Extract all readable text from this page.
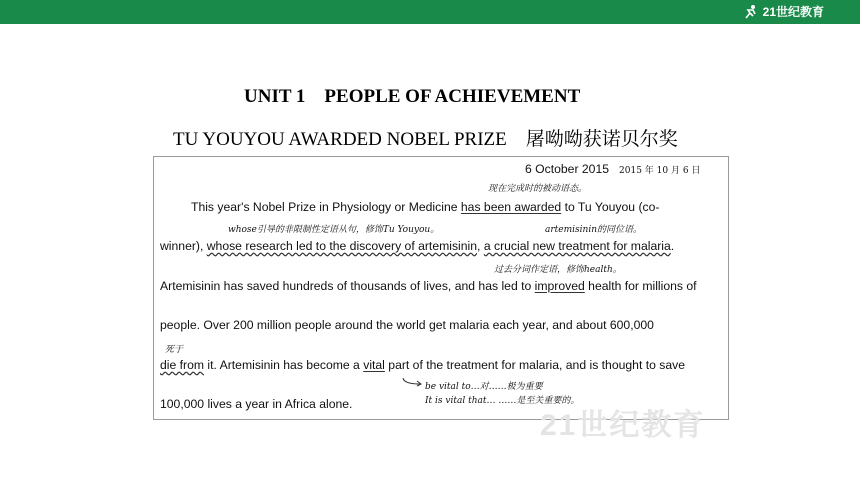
21世纪教育
UNIT 1    PEOPLE OF ACHIEVEMENT
TU YOUYOU AWARDED NOBEL PRIZE    屠呦呦获诺贝尔奖
6 October 2015 2015 年 10 月 6 日
现在完成时的被动语态。
This year's Nobel Prize in Physiology or Medicine has been awarded to Tu Youyou (co-
whose引导的非限制性定语从句，修饰Tu Youyou。	artemisinin的同位语。
winner), whose research led to the discovery of artemisinin, a crucial new treatment for malaria.
过去分词作定语，修饰health。
Artemisinin has saved hundreds of thousands of lives, and has led to improved health for millions of
people. Over 200 million people around the world get malaria each year, and about 600,000
死于
die from it. Artemisinin has become a vital part of the treatment for malaria, and is thought to save
be vital to…对……极为重要
It is vital that… ……是至关重要的。
100,000 lives a year in Africa alone.
21世纪教育
